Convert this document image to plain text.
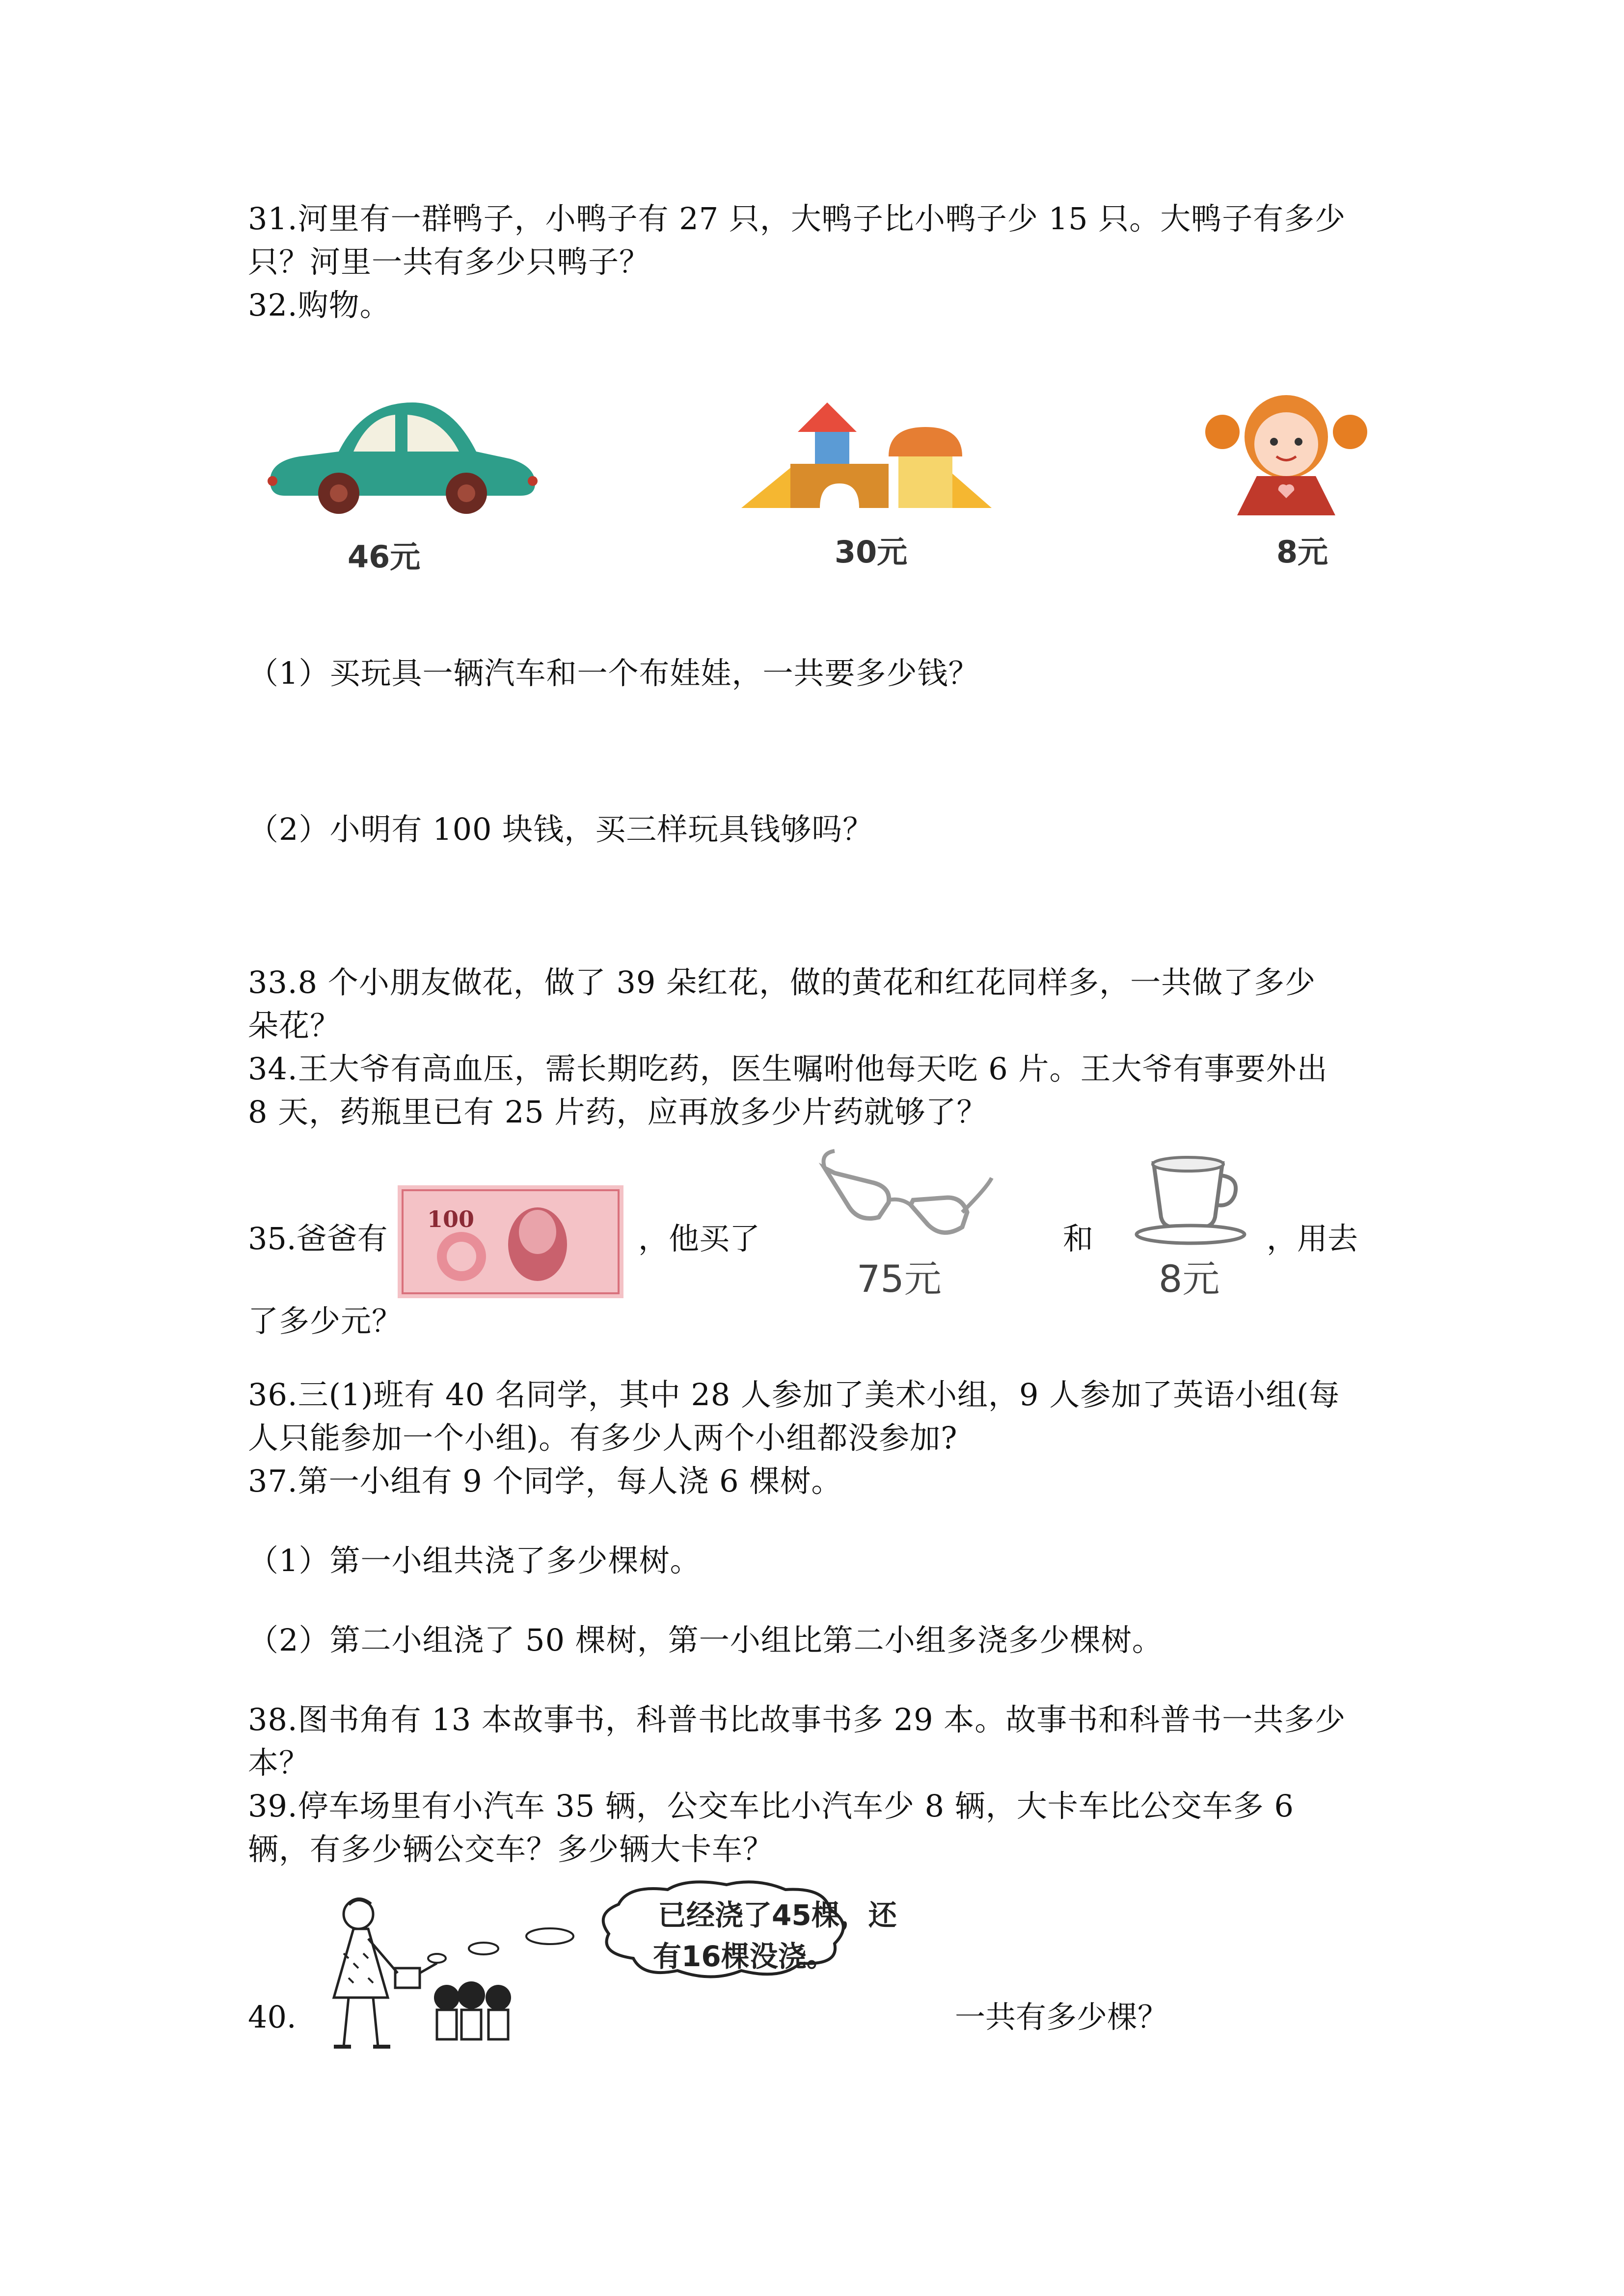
31.河里有一群鸭子，小鸭子有 27 只，大鸭子比小鸭子少 15 只。大鸭子有多少
只？河里一共有多少只鸭子？
32.购物。
46元	30元	8元
（1）买玩具一辆汽车和一个布娃娃，一共要多少钱？
（2）小明有 100 块钱，买三样玩具钱够吗？
33.8 个小朋友做花，做了 39 朵红花，做的黄花和红花同样多，一共做了多少
朵花？
34.王大爷有高血压，需长期吃药，医生嘱咐他每天吃 6 片。王大爷有事要外出
8 天，药瓶里已有 25 片药，应再放多少片药就够了？
35.爸爸有
100
，他买了
75元
和
8元
，用去
了多少元？
36.三(1)班有 40 名同学，其中 28 人参加了美术小组，9 人参加了英语小组(每
人只能参加一个小组)。有多少人两个小组都没参加?
37.第一小组有 9 个同学，每人浇 6 棵树。
（1）第一小组共浇了多少棵树。
（2）第二小组浇了 50 棵树，第一小组比第二小组多浇多少棵树。
38.图书角有 13 本故事书，科普书比故事书多 29 本。故事书和科普书一共多少
本？
39.停车场里有小汽车 35 辆，公交车比小汽车少 8 辆，大卡车比公交车多 6
辆，有多少辆公交车？多少辆大卡车？
40.
已经浇了45棵，还
有16棵没浇。
一共有多少棵？
